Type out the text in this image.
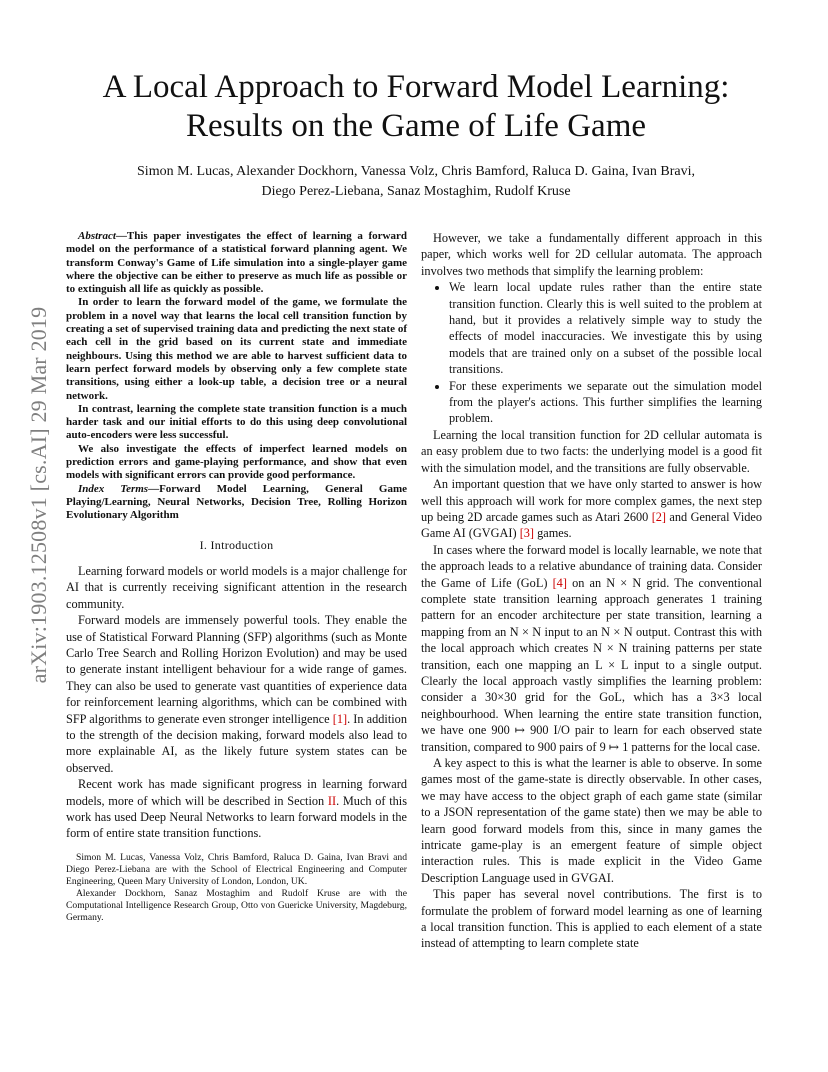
arXiv:1903.12508v1 [cs.AI] 29 Mar 2019
A Local Approach to Forward Model Learning:
Results on the Game of Life Game
Simon M. Lucas, Alexander Dockhorn, Vanessa Volz, Chris Bamford, Raluca D. Gaina, Ivan Bravi,
Diego Perez-Liebana, Sanaz Mostaghim, Rudolf Kruse

Abstract—This paper investigates the effect of learning a forward model on the performance of a statistical forward planning agent. We transform Conway's Game of Life simulation into a single-player game where the objective can be either to preserve as much life as possible or to extinguish all life as quickly as possible.

In order to learn the forward model of the game, we formulate the problem in a novel way that learns the local cell transition function by creating a set of supervised training data and predicting the next state of each cell in the grid based on its current state and immediate neighbours. Using this method we are able to harvest sufficient data to learn perfect forward models by observing only a few complete state transitions, using either a look-up table, a decision tree or a neural network.

In contrast, learning the complete state transition function is a much harder task and our initial efforts to do this using deep convolutional auto-encoders were less successful.

We also investigate the effects of imperfect learned models on prediction errors and game-playing performance, and show that even models with significant errors can provide good performance.

Index Terms—Forward Model Learning, General Game Playing/Learning, Neural Networks, Decision Tree, Rolling Horizon Evolutionary Algorithm

I. Introduction

Learning forward models or world models is a major challenge for AI that is currently receiving significant attention in the research community.

Forward models are immensely powerful tools. They enable the use of Statistical Forward Planning (SFP) algorithms (such as Monte Carlo Tree Search and Rolling Horizon Evolution) and may be used to generate instant intelligent behaviour for a wide range of games. They can also be used to generate vast quantities of experience data for reinforcement learning algorithms, which can be combined with SFP algorithms to generate even stronger intelligence [1]. In addition to the strength of the decision making, forward models also lead to more explainable AI, as the likely future system states can be observed.

Recent work has made significant progress in learning forward models, more of which will be described in Section II. Much of this work has used Deep Neural Networks to learn forward models in the form of entire state transition functions.

Simon M. Lucas, Vanessa Volz, Chris Bamford, Raluca D. Gaina, Ivan Bravi and Diego Perez-Liebana are with the School of Electrical Engineering and Computer Engineering, Queen Mary University of London, London, UK.

Alexander Dockhorn, Sanaz Mostaghim and Rudolf Kruse are with the Computational Intelligence Research Group, Otto von Guericke University, Magdeburg, Germany.

However, we take a fundamentally different approach in this paper, which works well for 2D cellular automata. The approach involves two methods that simplify the learning problem:

• We learn local update rules rather than the entire state transition function. Clearly this is well suited to the problem at hand, but it provides a relatively simple way to study the effects of model inaccuracies. We investigate this by using models that are trained only on a subset of the possible local transitions.
• For these experiments we separate out the simulation model from the player's actions. This further simplifies the learning problem.

Learning the local transition function for 2D cellular automata is an easy problem due to two facts: the underlying model is a good fit with the simulation model, and the transitions are fully observable.

An important question that we have only started to answer is how well this approach will work for more complex games, the next step up being 2D arcade games such as Atari 2600 [2] and General Video Game AI (GVGAI) [3] games.

In cases where the forward model is locally learnable, we note that the approach leads to a relative abundance of training data. Consider the Game of Life (GoL) [4] on an N × N grid. The conventional complete state transition learning approach generates 1 training pattern for an encoder architecture per state transition, learning a mapping from an N × N input to an N × N output. Contrast this with the local approach which creates N × N training patterns per state transition, each one mapping an L × L input to a single output. Clearly the local approach vastly simplifies the learning problem: consider a 30×30 grid for the GoL, which has a 3×3 local neighbourhood. When learning the entire state transition function, we have one 900 ↦ 900 I/O pair to learn for each observed state transition, compared to 900 pairs of 9 ↦ 1 patterns for the local case.

A key aspect to this is what the learner is able to observe. In some games most of the game-state is directly observable. In other cases, we may have access to the object graph of each game state (similar to a JSON representation of the game state) then we may be able to learn good forward models from this, since in many games the intricate game-play is an emergent feature of simple object interaction rules. This is made explicit in the Video Game Description Language used in GVGAI.

This paper has several novel contributions. The first is to formulate the problem of forward model learning as one of learning a local transition function. This is applied to each element of a state instead of attempting to learn complete state
